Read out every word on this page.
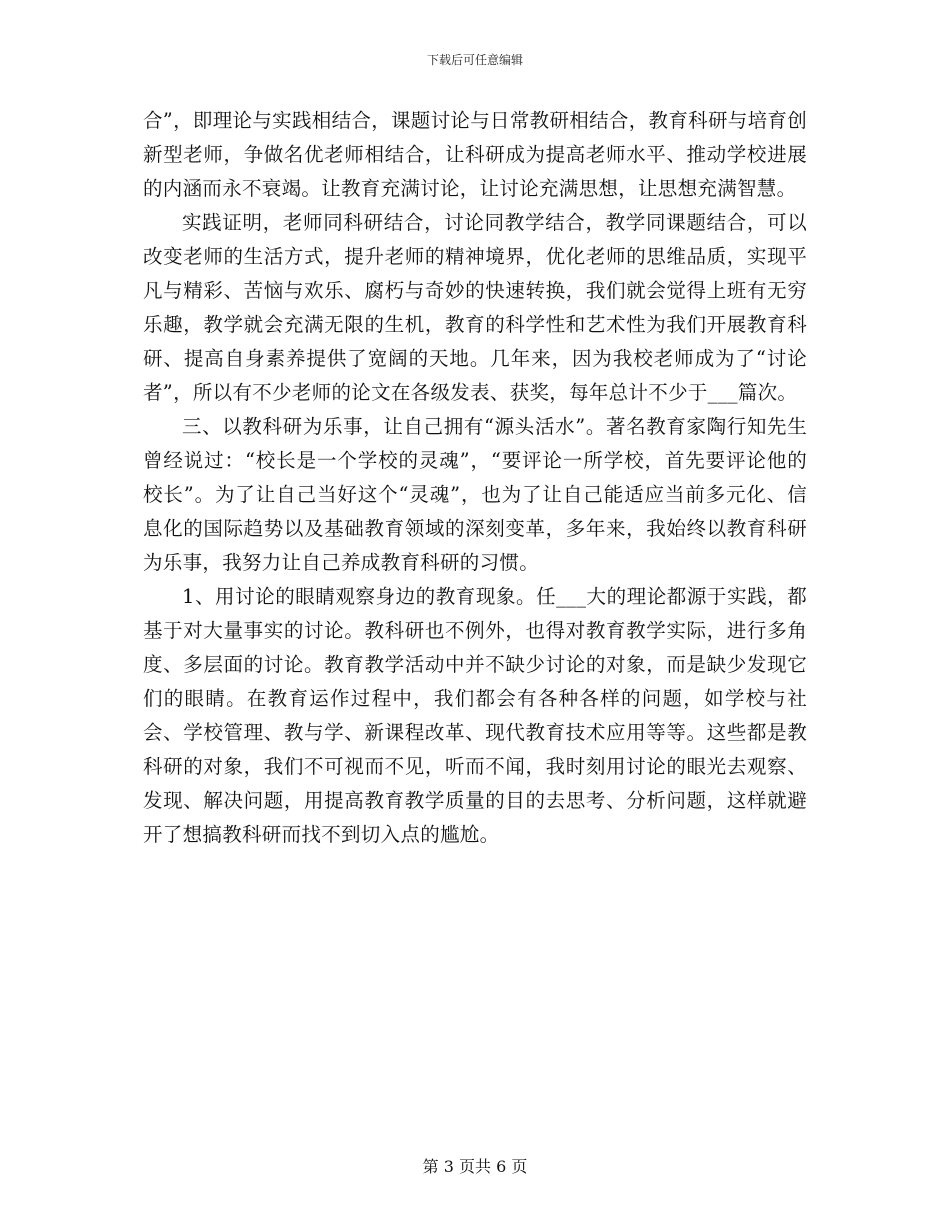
下载后可任意编辑

合”，即理论与实践相结合，课题讨论与日常教研相结合，教育科研与培育创新型老师，争做名优老师相结合，让科研成为提高老师水平、推动学校进展的内涵而永不衰竭。让教育充满讨论，让讨论充满思想，让思想充满智慧。

实践证明，老师同科研结合，讨论同教学结合，教学同课题结合，可以改变老师的生活方式，提升老师的精神境界，优化老师的思维品质，实现平凡与精彩、苦恼与欢乐、腐朽与奇妙的快速转换，我们就会觉得上班有无穷乐趣，教学就会充满无限的生机，教育的科学性和艺术性为我们开展教育科研、提高自身素养提供了宽阔的天地。几年来，因为我校老师成为了“讨论者”，所以有不少老师的论文在各级发表、获奖，每年总计不少于___篇次。

三、以教科研为乐事，让自己拥有“源头活水”。著名教育家陶行知先生曾经说过：“校长是一个学校的灵魂”，“要评论一所学校，首先要评论他的校长”。为了让自己当好这个“灵魂”，也为了让自己能适应当前多元化、信息化的国际趋势以及基础教育领域的深刻变革，多年来，我始终以教育科研为乐事，我努力让自己养成教育科研的习惯。

1、用讨论的眼睛观察身边的教育现象。任___大的理论都源于实践，都基于对大量事实的讨论。教科研也不例外，也得对教育教学实际，进行多角度、多层面的讨论。教育教学活动中并不缺少讨论的对象，而是缺少发现它们的眼睛。在教育运作过程中，我们都会有各种各样的问题，如学校与社会、学校管理、教与学、新课程改革、现代教育技术应用等等。这些都是教科研的对象，我们不可视而不见，听而不闻，我时刻用讨论的眼光去观察、发现、解决问题，用提高教育教学质量的目的去思考、分析问题，这样就避开了想搞教科研而找不到切入点的尴尬。

第 3 页共 6 页
